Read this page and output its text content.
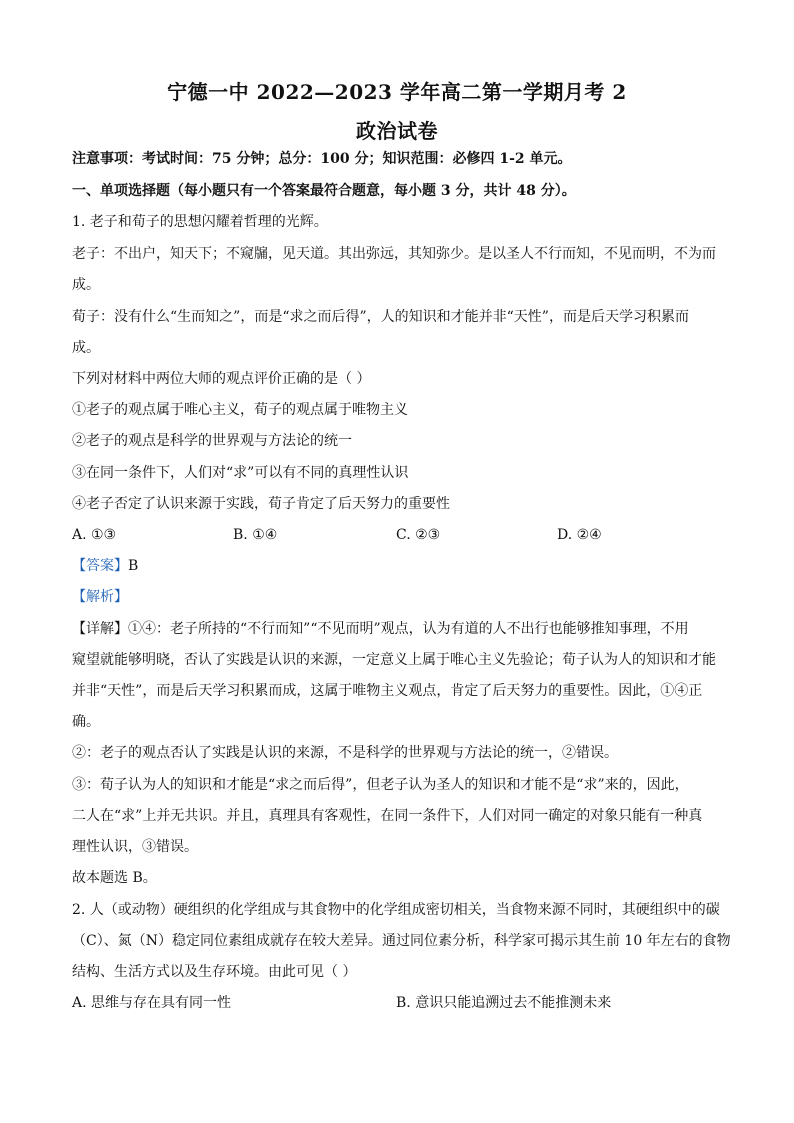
宁德一中 2022—2023 学年高二第一学期月考 2
政治试卷
注意事项：考试时间：75 分钟；总分：100 分；知识范围：必修四 1-2 单元。
一、单项选择题（每小题只有一个答案最符合题意，每小题 3 分，共计 48 分）。
1. 老子和荀子的思想闪耀着哲理的光辉。
老子：不出户，知天下；不窥牖，见天道。其出弥远，其知弥少。是以圣人不行而知，不见而明，不为而
成。
荀子：没有什么“生而知之”，而是“求之而后得”，人的知识和才能并非“天性”，而是后天学习积累而
成。
下列对材料中两位大师的观点评价正确的是（ ）
①老子的观点属于唯心主义，荀子的观点属于唯物主义
②老子的观点是科学的世界观与方法论的统一
③在同一条件下，人们对“求”可以有不同的真理性认识
④老子否定了认识来源于实践，荀子肯定了后天努力的重要性
A. ①③	B. ①④	C. ②③	D. ②④
【答案】B
【解析】
【详解】①④：老子所持的“不行而知”“不见而明”观点，认为有道的人不出行也能够推知事理，不用
窥望就能够明晓，否认了实践是认识的来源，一定意义上属于唯心主义先验论；荀子认为人的知识和才能
并非“天性”，而是后天学习积累而成，这属于唯物主义观点，肯定了后天努力的重要性。因此，①④正
确。
②：老子的观点否认了实践是认识的来源，不是科学的世界观与方法论的统一，②错误。
③：荀子认为人的知识和才能是“求之而后得”，但老子认为圣人的知识和才能不是“求”来的，因此，
二人在“求”上并无共识。并且，真理具有客观性，在同一条件下，人们对同一确定的对象只能有一种真
理性认识，③错误。
故本题选 B。
2. 人（或动物）硬组织的化学组成与其食物中的化学组成密切相关，当食物来源不同时，其硬组织中的碳
（C）、氮（N）稳定同位素组成就存在较大差异。通过同位素分析，科学家可揭示其生前 10 年左右的食物
结构、生活方式以及生存环境。由此可见（ ）
A. 思维与存在具有同一性	B. 意识只能追溯过去不能推测未来
